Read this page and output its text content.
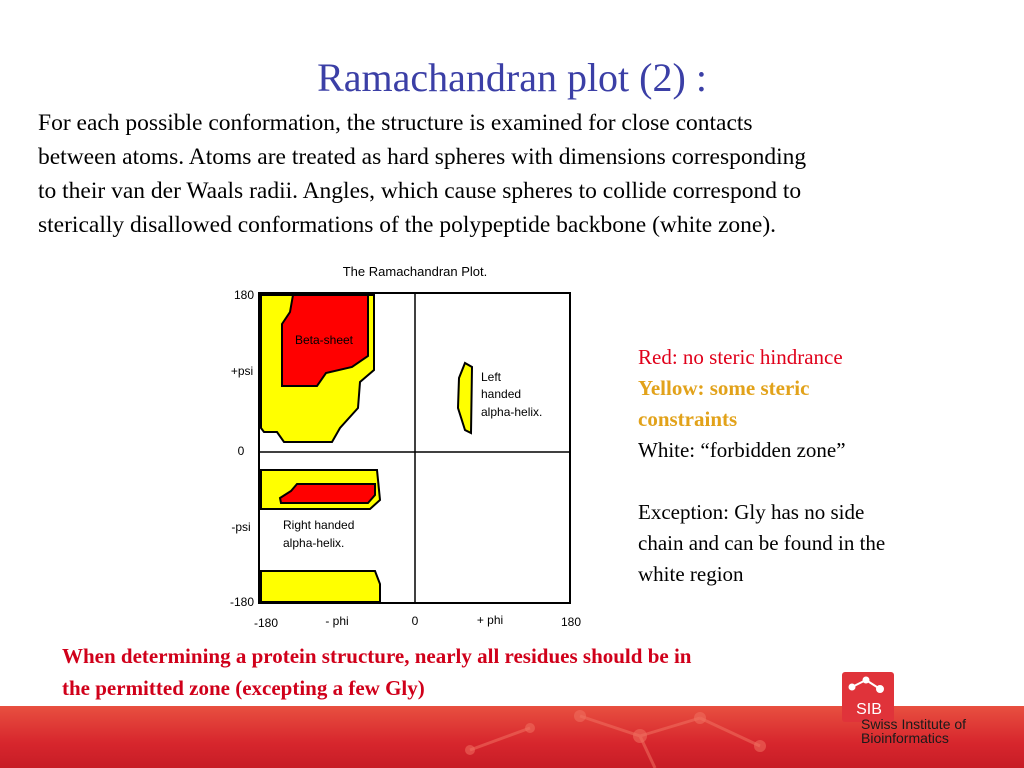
Ramachandran plot (2) :

For each possible conformation, the structure is examined for close contacts

between atoms. Atoms are treated as hard spheres with dimensions corresponding

to their van der Waals radii. Angles, which cause spheres to collide correspond to

sterically disallowed conformations of the polypeptide backbone (white zone).

The Ramachandran Plot.
Beta-sheet
Left
handed
alpha-helix.
Right handed
alpha-helix.
180
+psi
0
-psi
-180
-180	- phi	0	+ phi	180

Red: no steric hindrance

Yellow: some steric

constraints

White: “forbidden zone”

Exception: Gly has no side

chain and can be found in the

white region

When determining a protein structure, nearly all residues should be in

the permitted zone (excepting a few Gly)

SIB

Swiss Institute of

Bioinformatics
